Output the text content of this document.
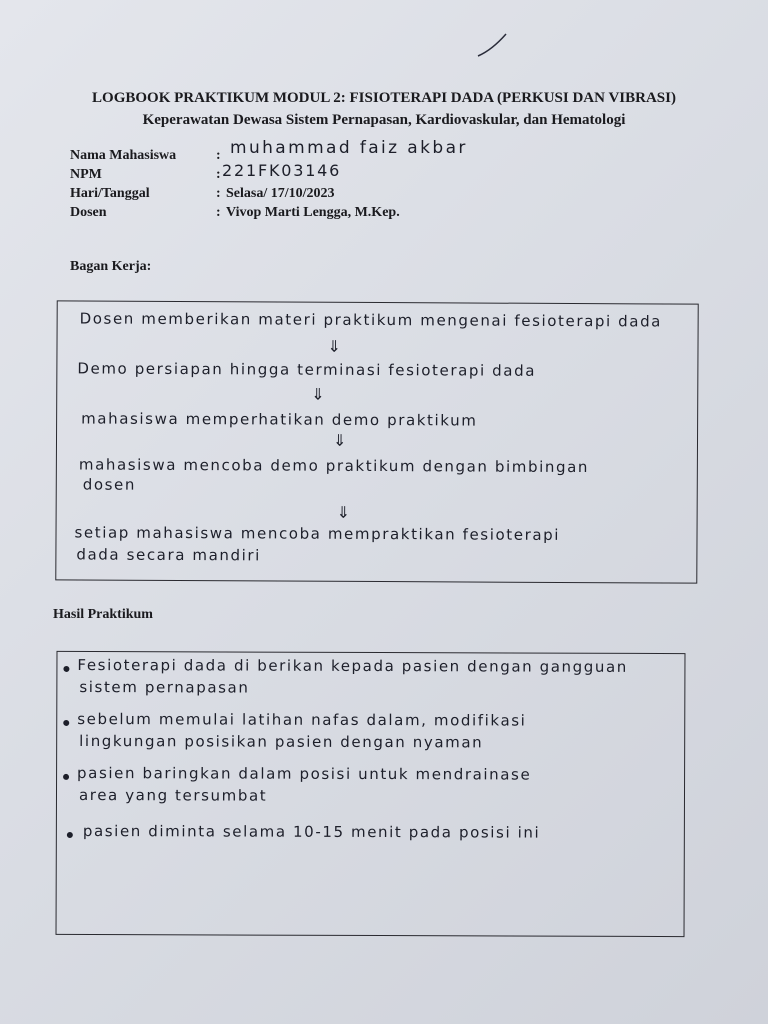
LOGBOOK PRAKTIKUM MODUL 2: FISIOTERAPI DADA (PERKUSI DAN VIBRASI)
Keperawatan Dewasa Sistem Pernapasan, Kardiovaskular, dan Hematologi
Nama Mahasiswa	: muhammad faiz akbar
NPM	: 221FK03146
Hari/Tanggal	: Selasa/ 17/10/2023
Dosen	: Vivop Marti Lengga, M.Kep.
Bagan Kerja:
Dosen memberikan materi praktikum mengenai fesioterapi dada
⇓
Demo persiapan hingga terminasi fesioterapi dada
⇓
mahasiswa memperhatikan demo praktikum
⇓
mahasiswa mencoba demo praktikum dengan bimbingan
dosen
⇓
setiap mahasiswa mencoba mempraktikan fesioterapi
dada secara mandiri
Hasil Praktikum
Fesioterapi dada di berikan kepada pasien dengan gangguan
sistem pernapasan
sebelum memulai latihan nafas dalam, modifikasi
lingkungan posisikan pasien dengan nyaman
pasien baringkan dalam posisi untuk mendrainase
area yang tersumbat
pasien diminta selama 10-15 menit pada posisi ini
